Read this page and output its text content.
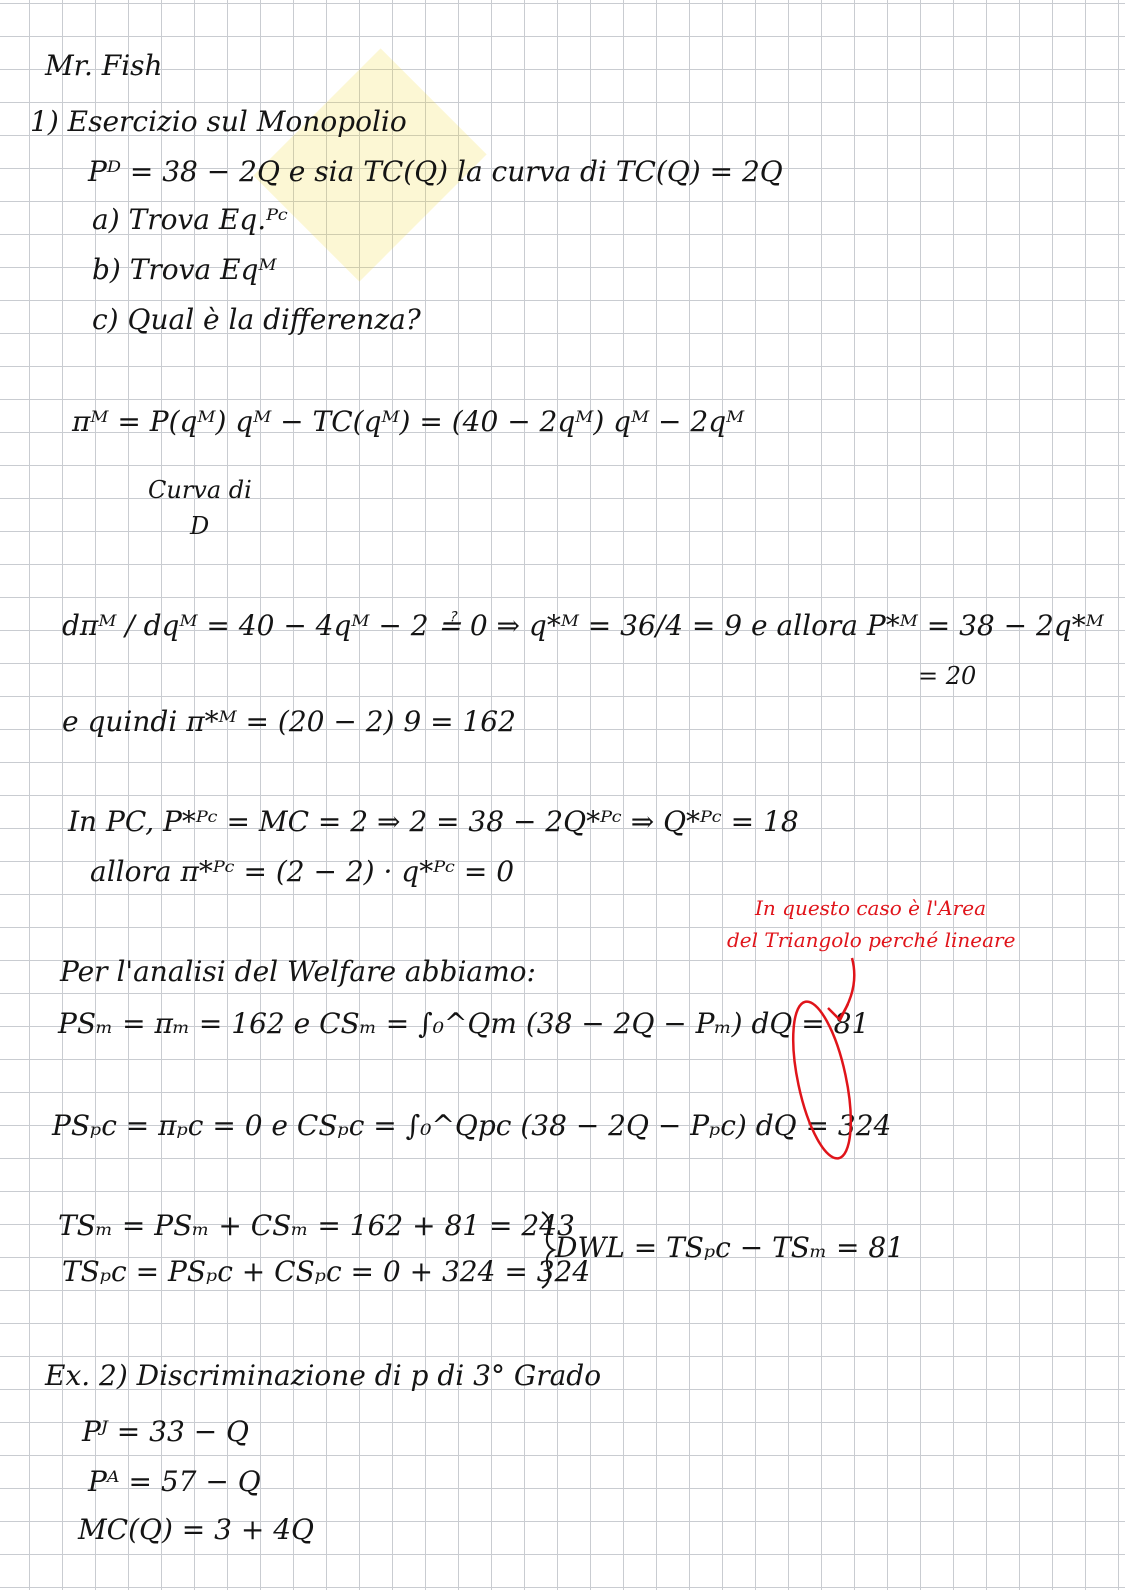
Mr. Fish
1) Esercizio sul Monopolio
Pᴰ = 38 − 2Q e sia TC(Q) la curva di TC(Q) = 2Q
a) Trova Eq.ᴾᶜ
b) Trova Eqᴹ
c) Qual è la differenza?
πᴹ = P(qᴹ) qᴹ − TC(qᴹ) = (40 − 2qᴹ) qᴹ − 2qᴹ
Curva di
D
dπᴹ / dqᴹ = 40 − 4qᴹ − 2 ≟ 0 ⇒ q*ᴹ = 36/4 = 9 e allora P*ᴹ = 38 − 2q*ᴹ
= 20
e quindi π*ᴹ = (20 − 2) 9 = 162
In PC, P*ᴾᶜ = MC = 2 ⇒ 2 = 38 − 2Q*ᴾᶜ ⇒ Q*ᴾᶜ = 18
allora π*ᴾᶜ = (2 − 2) · q*ᴾᶜ = 0
In questo caso è l'Area
del Triangolo perché lineare
Per l'analisi del Welfare abbiamo:
PSₘ = πₘ = 162 e CSₘ = ∫₀^Qm (38 − 2Q − Pₘ) dQ = 81
PSₚc = πₚc = 0 e CSₚc = ∫₀^Qpc (38 − 2Q − Pₚc) dQ = 324
TSₘ = PSₘ + CSₘ = 162 + 81 = 243
TSₚc = PSₚc + CSₚc = 0 + 324 = 324
DWL = TSₚc − TSₘ = 81
Ex. 2) Discriminazione di p di 3° Grado
Pᴶ = 33 − Q
Pᴬ = 57 − Q
MC(Q) = 3 + 4Q
